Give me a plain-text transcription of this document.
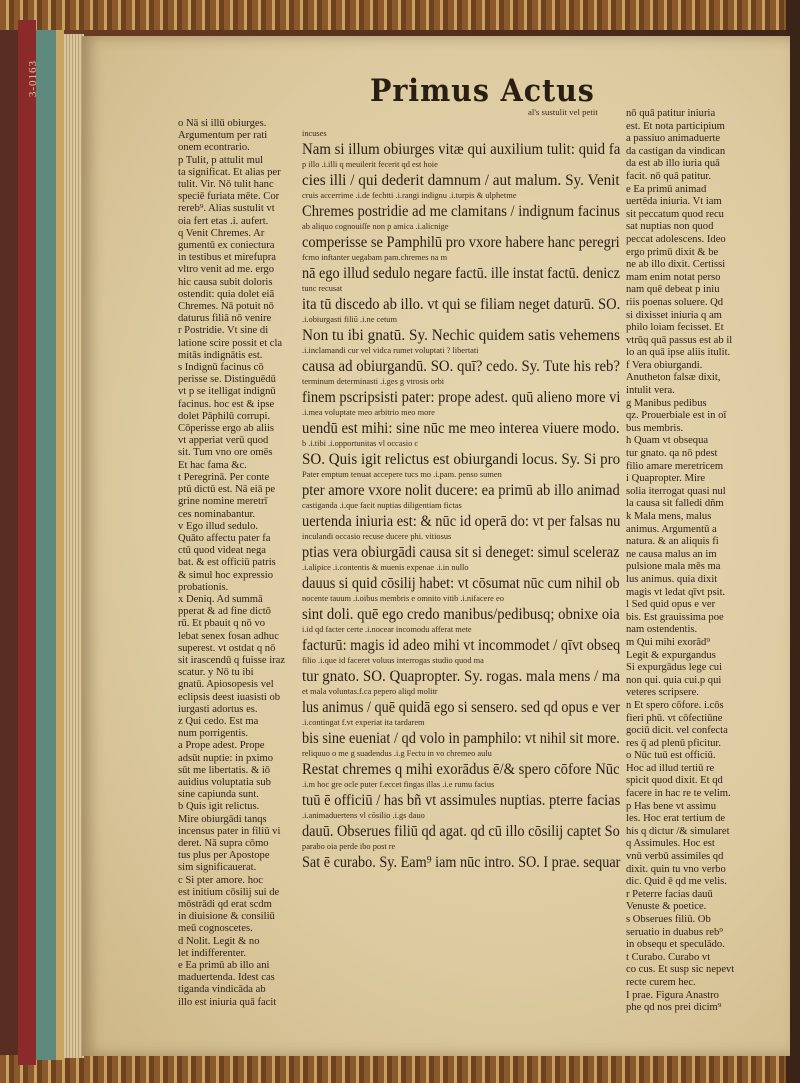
3-0163	Primus Actus
al's sustulit vel petit
o Nā si illū obiurges.
Argumentum per rati
onem econtrario.
p Tulit, p attulit mul
ta significat. Et alias per
tulit. Vir. Nō tulit hanc
speciē furiata mēte. Cor
rereb⁹. Alias sustulit vt
oia fert etas .i. aufert.
q Venit Chremes. Ar
gumentū ex coniectura
in testibus et mirefupra
vltro venit ad me. ergo
hic causa subit doloris
ostendit: quia dolet eiā
Chremes. Nā potuit nō
daturus filiā nō venire
r Postridie. Vt sine di
latione scire possit et cla
mitās indignātis est.
s Indignū facinus cō
perisse se. Distinguēdū
vt p se itelligat indignū
facinus. hoc est & ipse
dolet Pāphilū corrupi.
Cōperisse ergo ab aliis
vt apperiat verū quod
sit. Tum vno ore omēs
Et hac fama &c.
t Peregrinā. Per conte
ptū dictū est. Nā eiā pe
grine nomine meretrī
ces nominabantur.
v Ego illud sedulo.
Quāto affectu pater fa
ctū quod videat nega
bat. & est officiū patris
& simul hoc expressio
probationis.
x Deniq. Ad summā
pperat & ad fine dictō
rū. Et pbauit q nō vo
lebat senex fosan adhuc
superest. vt ostdat q nō
sit irascendū q fuisse iraz
scatur. y Nō tu ibi
gnatū. Apiosopesis vel
eclipsis deest iuasisti ob
iurgasti adortus es.
z Qui cedo. Est ma
num porrigentis.
a Prope adest. Prope
adsūt nuptie: in pximo
sūt me libertatis. & iō
auidius voluptatia sub
sine capiunda sunt.
b Quis igit relictus.
Mire obiurgādi tanqs
incensus pater in filiū vi
deret. Nā supra cōmo
tus plus per Apostope
sim significauerat.
c Si pter amore. hoc
est initium cōsilij sui de
mōstrādi qd erat scdm
in diuisione & consiliū
meū cognoscetes.
d Nolit. Legit & no
let indifferenter.
e Ea primū ab illo ani
maduertenda. Idest cas
tiganda vindicāda ab
illo est iniuria quā facit
incuses
Nam si illum obiurges vitæ qui auxilium tulit: quid fa
p illo .i.illi q meuilerit fecerit qd est hoie
cies illi / qui dederit damnum / aut malum. Sy. Venit
cruis accerrime .i.de fechtti .i.rangi indignu .i.turpis & ulphetme
Chremes postridie ad me clamitans / indignum facinus
ab aliquo cognouiſſe non p amica .i.alicnige
comperisse se Pamphilū pro vxore habere hanc peregri
fcmo inftanter uegabam pam.chremes na m
nā ego illud sedulo negare factū. ille instat factū. denicz
tunc recusat
ita tū discedo ab illo. vt qui se filiam neget daturū. SO.
.i.obiurgasti filiū .i.ne cetum
Non tu ibi gnatū. Sy. Nechic quidem satis vehemens
.i.inclamandi cur vel vidca rumet voluptati ? libertati
causa ad obiurgandū. SO. quī? cedo. Sy. Tute his reb?
terminum determinasti .i.ges g vtrosis orbi
finem pscripsisti pater: prope adest. quū alieno more vi
.i.mea voluptate meo arbitrio meo more
uendū est mihi: sine nūc me meo interea viuere modo.
b .i.tibi .i.opportunitas vl occasio c
SO. Quis igit relictus est obiurgandi locus. Sy. Si pro
Pater emptum tenuat accepere tucs mo .i.pam. penso sumen
pter amore vxore nolit ducere: ea primū ab illo animad
castiganda .i.que facit nuptias diligentiam fictas
uertenda iniuria est: & nūc id operā do: vt per falsas nu
inculandi occasio recuse ducere phi. vitiosus
ptias vera obiurgādi causa sit si deneget: simul sceleraz
.i.alipice .i.contentis & muenis expenae .i.in nullo
dauus si quid cōsilij habet: vt cōsumat nūc cum nihil ob
nocente tauum .i.oibus membris e omnito vitib .i.nifacere eo
sint doli. quē ego credo manibus/pedibusq; obnixe oia
i.id qd facter certe .i.nocear incomodu afferat mete
facturū: magis id adeo mihi vt incommodet / qīvt obseq
filio .i.que id faceret voluus interrogas studio quod ma
tur gnato. SO. Quapropter. Sy. rogas. mala mens / ma
et mala voluntas.f.ca pepero aliqd molitr
lus animus / quē quidā ego si sensero. sed qd opus e ver
.i.contingat f.vt experiat ita tardarem
bis sine eueniat / qd volo in pamphilo: vt nihil sit more.
reliquuo o me g suadendus .i.g Fectu in vo chremeo aulu
Restat chremes q mihi exorādus ē/& spero cōfore Nūc
.i.m hoc gre ocle puter f.eccet fingas illas .i.e rumu facius
tuū ē officiū / has bñ vt assimules nuptias. pterre facias
.i.animaduertens vl cōsilio .i.gs dauo
dauū. Obserues filiū qd agat. qd cū illo cōsilij captet So
parabo oia perde ibo post re
Sat ē curabo. Sy. Eam⁹ iam nūc intro. SO. I prae. sequar
nō quā patitur iniuria
est. Et nota participium
a passiuo animaduerte
da castigan da vindican
da est ab illo iuria quā
facit. nō quā patitur.
e Ea primū animad
uertēda iniuria. Vt iam
sit peccatum quod recu
sat nuptias non quod
peccat adolescens. Ideo
ergo primū dixit & be
ne ab illo dixit. Certissi
mam enim notat perso
nam quē debeat p iniu
riis poenas soluere. Qd
si dixisset iniuria q am
philo loiam fecisset. Et
vtrūq quā passus est ab il
lo an quā ipse aliis itulit.
f Vera obiurgandi.
Anutheton falsæ dixit,
intulit vera.
g Manibus pedibus
qz. Prouerbiale est in oī
bus membris.
h Quam vt obsequa
tur gnato. qa nō pdest
filio amare meretricem
i Quapropter. Mire
solia iterrogat quasi nul
la causa sit falledi dñm
k Mala mens, malus
animus. Argumentū a
natura. & an aliquis fi
ne causa malus an im
pulsione mala mēs ma
lus animus. quia dixit
magis vt ledat qīvt psit.
l Sed quid opus e ver
bis. Est grauissima poe
nam ostendentis.
m Qui mihi exorād⁹
Legit & expurgandus
Si expurgādus lege cui
non qui. quia cui.p qui
veteres scripsere.
n Et spero cōfore. i.cōs
fieri phū. vt cōfectiūne
gociū dicit. vel confecta
res q̄ ad plenū pficitur.
o Nūc tuū est officiū.
Hoc ad illud tertiū re
spicit quod dixit. Et qd
facere in hac re te velim.
p Has bene vt assimu
les. Hoc erat tertium de
his q dictur /& simularet
q Assimules. Hoc est
vnū verbū assimiles qd
dixit. quin tu vno verbo
dic. Quid ē qd me velis.
r Peterre facias dauū
Venuste & poetice.
s Obserues filiū. Ob
seruatio in duabus reb⁹
in obsequ et speculādo.
t Curabo. Curabo vt
co cus. Et susp sic nepevt
recte curem hec.
I prae. Figura Anastro
phe qd nos prei dicim⁹
